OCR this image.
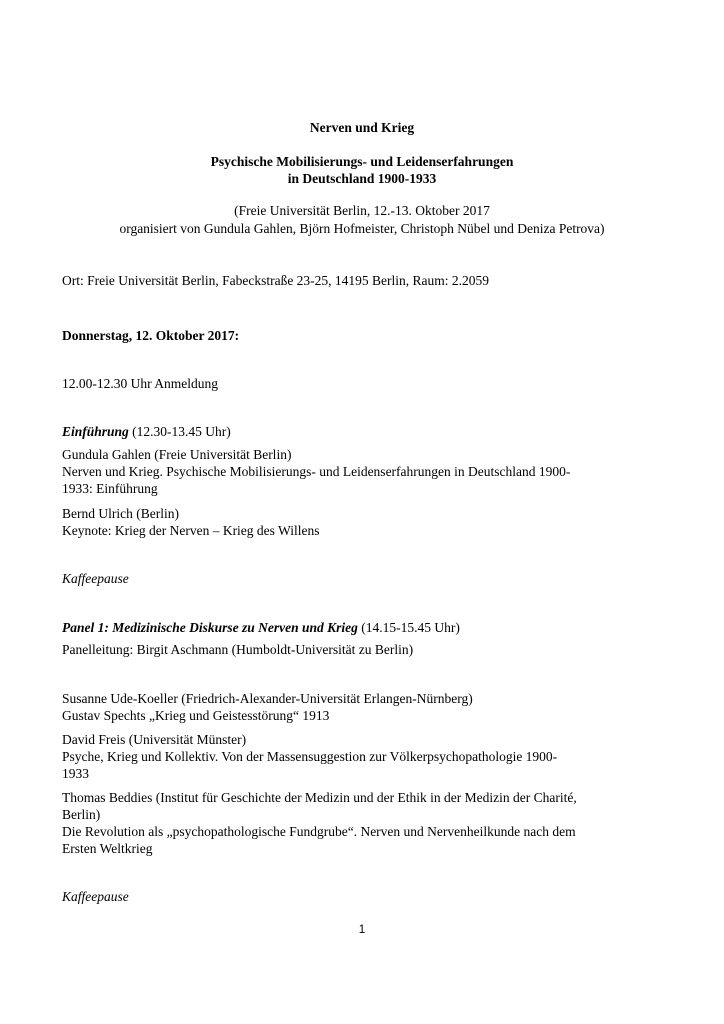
Nerven und Krieg
Psychische Mobilisierungs- und Leidenserfahrungen
in Deutschland 1900-1933
(Freie Universität Berlin, 12.-13. Oktober 2017
organisiert von Gundula Gahlen, Björn Hofmeister, Christoph Nübel und Deniza Petrova)
Ort: Freie Universität Berlin, Fabeckstraße 23-25, 14195 Berlin, Raum: 2.2059
Donnerstag, 12. Oktober 2017:
12.00-12.30 Uhr Anmeldung
Einführung (12.30-13.45 Uhr)
Gundula Gahlen (Freie Universität Berlin)
Nerven und Krieg. Psychische Mobilisierungs- und Leidenserfahrungen in Deutschland 1900-
1933: Einführung
Bernd Ulrich (Berlin)
Keynote: Krieg der Nerven – Krieg des Willens
Kaffeepause
Panel 1: Medizinische Diskurse zu Nerven und Krieg (14.15-15.45 Uhr)
Panelleitung: Birgit Aschmann (Humboldt-Universität zu Berlin)
Susanne Ude-Koeller (Friedrich-Alexander-Universität Erlangen-Nürnberg)
Gustav Spechts „Krieg und Geistesstörung“ 1913
David Freis (Universität Münster)
Psyche, Krieg und Kollektiv. Von der Massensuggestion zur Völkerpsychopathologie 1900-
1933
Thomas Beddies (Institut für Geschichte der Medizin und der Ethik in der Medizin der Charité,
Berlin)
Die Revolution als „psychopathologische Fundgrube“. Nerven und Nervenheilkunde nach dem
Ersten Weltkrieg
Kaffeepause
1
